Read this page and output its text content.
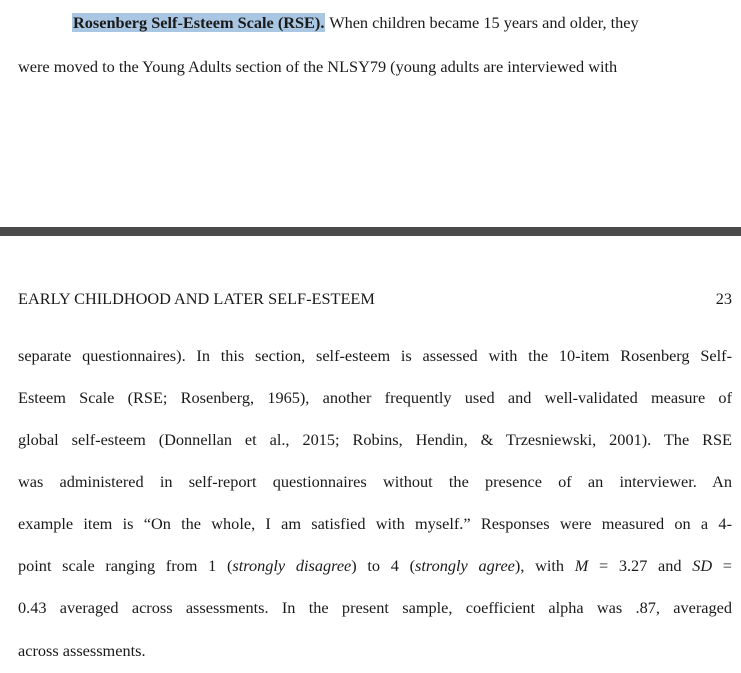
Rosenberg Self-Esteem Scale (RSE). When children became 15 years and older, they

were moved to the Young Adults section of the NLSY79 (young adults are interviewed with

EARLY CHILDHOOD AND LATER SELF-ESTEEM	23

separate questionnaires). In this section, self-esteem is assessed with the 10-item Rosenberg Self-

Esteem Scale (RSE; Rosenberg, 1965), another frequently used and well-validated measure of

global self-esteem (Donnellan et al., 2015; Robins, Hendin, & Trzesniewski, 2001). The RSE

was administered in self-report questionnaires without the presence of an interviewer. An

example item is “On the whole, I am satisfied with myself.” Responses were measured on a 4-

point scale ranging from 1 (strongly disagree) to 4 (strongly agree), with M = 3.27 and SD =

0.43 averaged across assessments. In the present sample, coefficient alpha was .87, averaged

across assessments.
